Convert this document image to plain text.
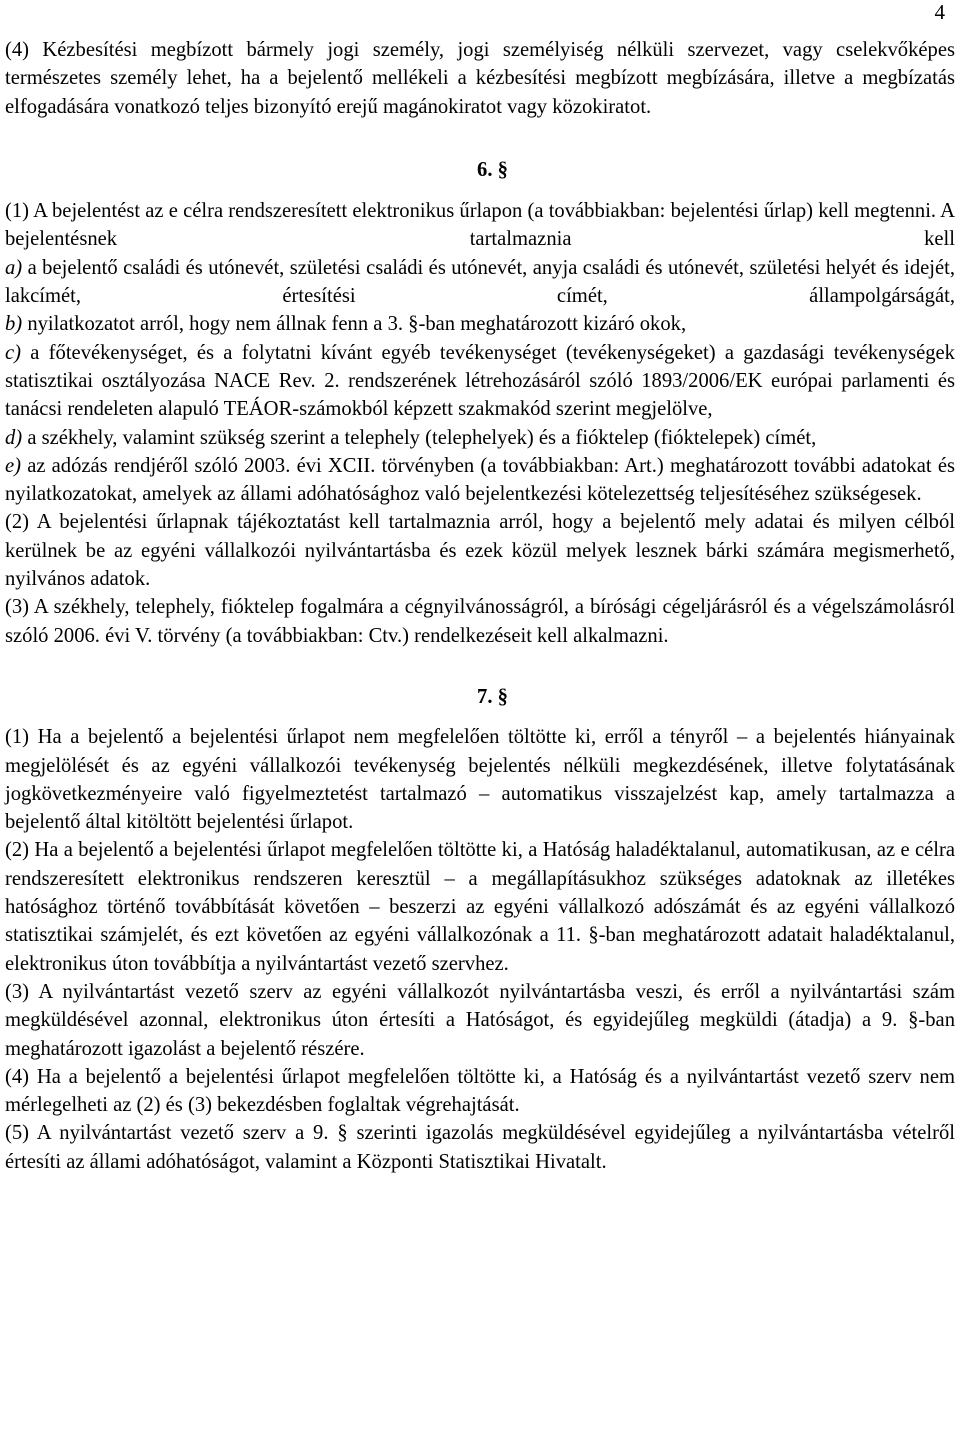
4

(4) Kézbesítési megbízott bármely jogi személy, jogi személyiség nélküli szervezet, vagy cselekvőképes természetes személy lehet, ha a bejelentő mellékeli a kézbesítési megbízott megbízására, illetve a megbízatás elfogadására vonatkozó teljes bizonyító erejű magánokiratot vagy közokiratot.

6. §

(1) A bejelentést az e célra rendszeresített elektronikus űrlapon (a továbbiakban: bejelentési űrlap) kell megtenni. A bejelentésnek tartalmaznia kell

a) a bejelentő családi és utónevét, születési családi és utónevét, anyja családi és utónevét, születési helyét és idejét, lakcímét, értesítési címét, állampolgárságát,

b) nyilatkozatot arról, hogy nem állnak fenn a 3. §-ban meghatározott kizáró okok,

c) a főtevékenységet, és a folytatni kívánt egyéb tevékenységet (tevékenységeket) a gazdasági tevékenységek statisztikai osztályozása NACE Rev. 2. rendszerének létrehozásáról szóló 1893/2006/EK európai parlamenti és tanácsi rendeleten alapuló TEÁOR-számokból képzett szakmakód szerint megjelölve,

d) a székhely, valamint szükség szerint a telephely (telephelyek) és a fióktelep (fióktelepek) címét,

e) az adózás rendjéről szóló 2003. évi XCII. törvényben (a továbbiakban: Art.) meghatározott további adatokat és nyilatkozatokat, amelyek az állami adóhatósághoz való bejelentkezési kötelezettség teljesítéséhez szükségesek.

(2) A bejelentési űrlapnak tájékoztatást kell tartalmaznia arról, hogy a bejelentő mely adatai és milyen célból kerülnek be az egyéni vállalkozói nyilvántartásba és ezek közül melyek lesznek bárki számára megismerhető, nyilvános adatok.

(3) A székhely, telephely, fióktelep fogalmára a cégnyilvánosságról, a bírósági cégeljárásról és a végelszámolásról szóló 2006. évi V. törvény (a továbbiakban: Ctv.) rendelkezéseit kell alkalmazni.

7. §

(1) Ha a bejelentő a bejelentési űrlapot nem megfelelően töltötte ki, erről a tényről – a bejelentés hiányainak megjelölését és az egyéni vállalkozói tevékenység bejelentés nélküli megkezdésének, illetve folytatásának jogkövetkezményeire való figyelmeztetést tartalmazó – automatikus visszajelzést kap, amely tartalmazza a bejelentő által kitöltött bejelentési űrlapot.

(2) Ha a bejelentő a bejelentési űrlapot megfelelően töltötte ki, a Hatóság haladéktalanul, automatikusan, az e célra rendszeresített elektronikus rendszeren keresztül – a megállapításukhoz szükséges adatoknak az illetékes hatósághoz történő továbbítását követően – beszerzi az egyéni vállalkozó adószámát és az egyéni vállalkozó statisztikai számjelét, és ezt követően az egyéni vállalkozónak a 11. §-ban meghatározott adatait haladéktalanul, elektronikus úton továbbítja a nyilvántartást vezető szervhez.

(3) A nyilvántartást vezető szerv az egyéni vállalkozót nyilvántartásba veszi, és erről a nyilvántartási szám megküldésével azonnal, elektronikus úton értesíti a Hatóságot, és egyidejűleg megküldi (átadja) a 9. §-ban meghatározott igazolást a bejelentő részére.

(4) Ha a bejelentő a bejelentési űrlapot megfelelően töltötte ki, a Hatóság és a nyilvántartást vezető szerv nem mérlegelheti az (2) és (3) bekezdésben foglaltak végrehajtását.

(5) A nyilvántartást vezető szerv a 9. § szerinti igazolás megküldésével egyidejűleg a nyilvántartásba vételről értesíti az állami adóhatóságot, valamint a Központi Statisztikai Hivatalt.
